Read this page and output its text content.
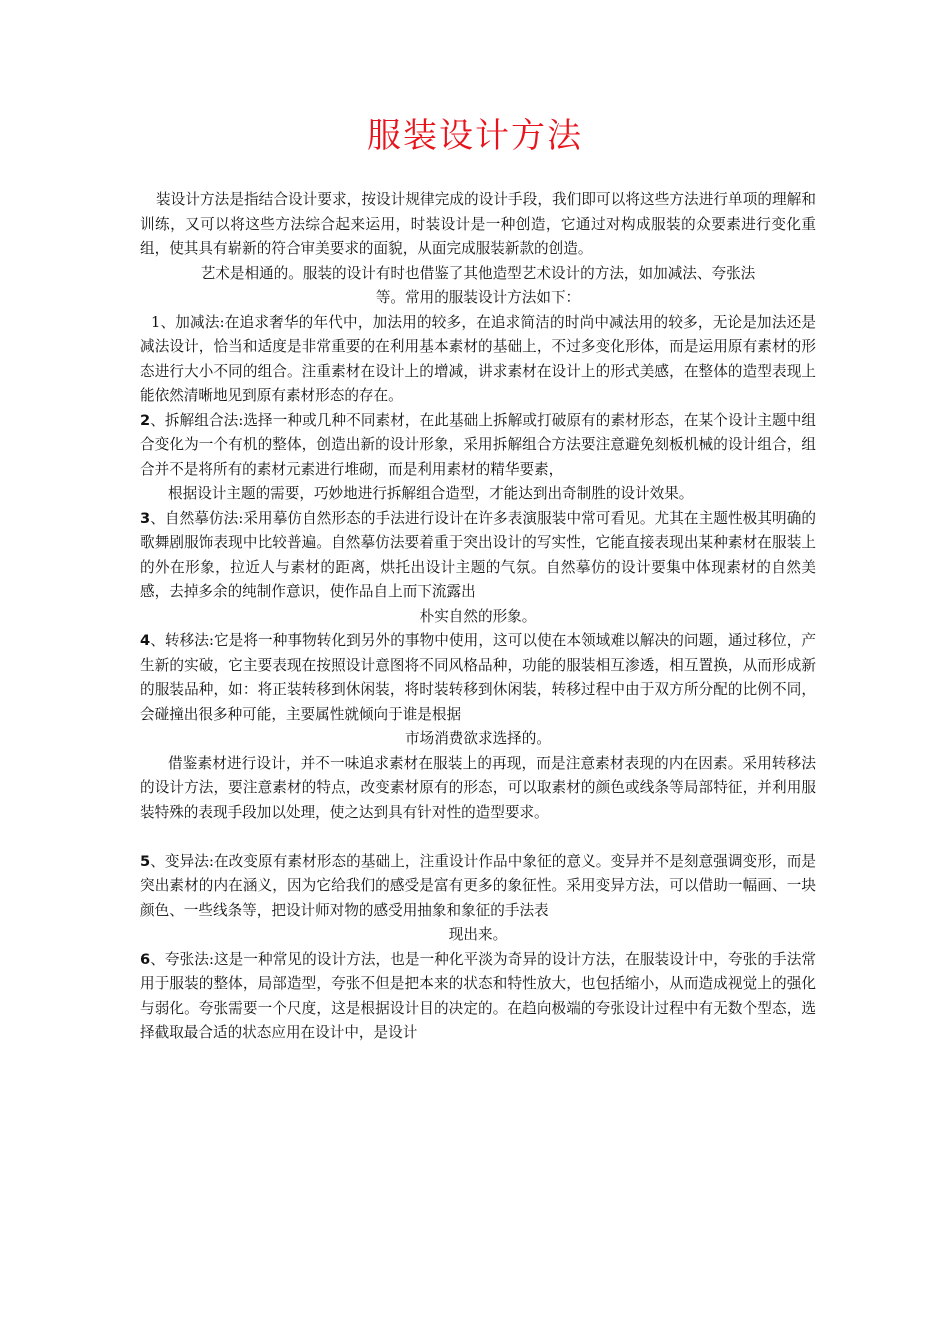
服装设计方法

装设计方法是指结合设计要求，按设计规律完成的设计手段，我们即可以将这些方法进行单项的理解和训练，又可以将这些方法综合起来运用，时装设计是一种创造，它通过对构成服装的众要素进行变化重组，使其具有崭新的符合审美要求的面貌，从面完成服装新款的创造。

艺术是相通的。服装的设计有时也借鉴了其他造型艺术设计的方法，如加减法、夸张法

等。常用的服装设计方法如下：

1、加减法:在追求奢华的年代中，加法用的较多，在追求简洁的时尚中减法用的较多，无论是加法还是减法设计，恰当和适度是非常重要的在利用基本素材的基础上，不过多变化形体，而是运用原有素材的形态进行大小不同的组合。注重素材在设计上的增减，讲求素材在设计上的形式美感，在整体的造型表现上能依然清晰地见到原有素材形态的存在。

2、拆解组合法:选择一种或几种不同素材，在此基础上拆解或打破原有的素材形态，在某个设计主题中组合变化为一个有机的整体，创造出新的设计形象，采用拆解组合方法要注意避免刻板机械的设计组合，组合并不是将所有的素材元素进行堆砌，而是利用素材的精华要素，

根据设计主题的需要，巧妙地进行拆解组合造型，才能达到出奇制胜的设计效果。

3、自然摹仿法:采用摹仿自然形态的手法进行设计在许多表演服装中常可看见。尤其在主题性极其明确的歌舞剧服饰表现中比较普遍。自然摹仿法要着重于突出设计的写实性，它能直接表现出某种素材在服装上的外在形象，拉近人与素材的距离，烘托出设计主题的气氛。自然摹仿的设计要集中体现素材的自然美感，去掉多余的纯制作意识，使作品自上而下流露出

朴实自然的形象。

4、转移法:它是将一种事物转化到另外的事物中使用，这可以使在本领域难以解决的问题，通过移位，产生新的实破，它主要表现在按照设计意图将不同风格品种，功能的服装相互渗透，相互置换，从而形成新的服装品种，如：将正装转移到休闲装，将时装转移到休闲装，转移过程中由于双方所分配的比例不同，会碰撞出很多种可能，主要属性就倾向于谁是根据

市场消费欲求选择的。

借鉴素材进行设计，并不一味追求素材在服装上的再现，而是注意素材表现的内在因素。采用转移法的设计方法，要注意素材的特点，改变素材原有的形态，可以取素材的颜色或线条等局部特征，并利用服装特殊的表现手段加以处理，使之达到具有针对性的造型要求。

5、变异法:在改变原有素材形态的基础上，注重设计作品中象征的意义。变异并不是刻意强调变形，而是突出素材的内在涵义，因为它给我们的感受是富有更多的象征性。采用变异方法，可以借助一幅画、一块颜色、一些线条等，把设计师对物的感受用抽象和象征的手法表

现出来。

6、夸张法:这是一种常见的设计方法，也是一种化平淡为奇异的设计方法，在服装设计中，夸张的手法常用于服装的整体，局部造型，夸张不但是把本来的状态和特性放大，也包括缩小，从而造成视觉上的强化与弱化。夸张需要一个尺度，这是根据设计目的决定的。在趋向极端的夸张设计过程中有无数个型态，选择截取最合适的状态应用在设计中，是设计
